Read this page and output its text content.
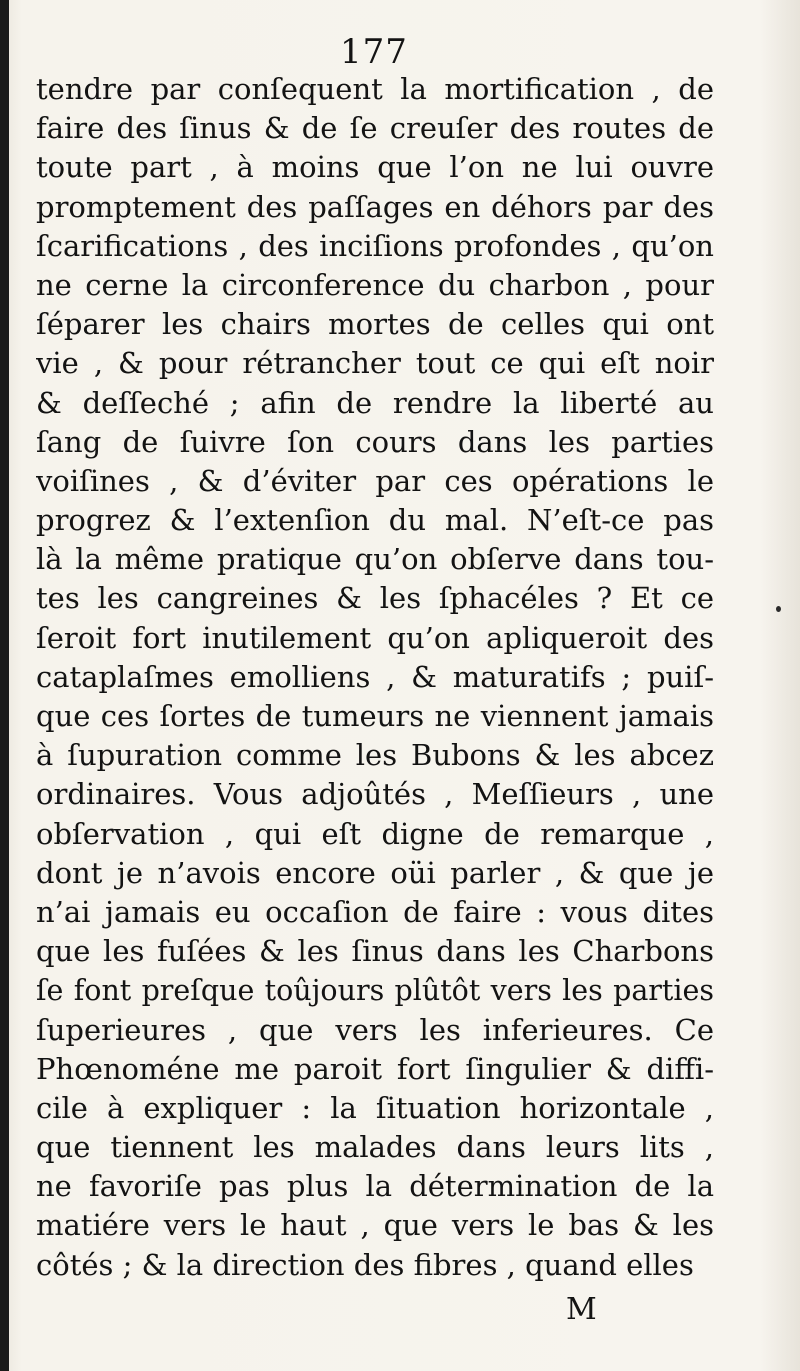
177
tendre par conſequent la mortification , de
faire des ſinus & de ſe creuſer des routes de
toute part , à moins que l’on ne lui ouvre
promptement des paſſages en déhors par des
ſcarifications , des inciſions profondes , qu’on
ne cerne la circonference du charbon , pour
ſéparer les chairs mortes de celles qui ont
vie , & pour rétrancher tout ce qui eſt noir
& deſſeché ; afin de rendre la liberté au
ſang de ſuivre ſon cours dans les parties
voiſines , & d’éviter par ces opérations le
progrez & l’extenſion du mal. N’eſt-ce pas
là la même pratique qu’on obſerve dans tou-
tes les cangreines & les ſphacéles ? Et ce
ſeroit fort inutilement qu’on apliqueroit des
cataplaſmes emolliens , & maturatifs ; puiſ-
que ces ſortes de tumeurs ne viennent jamais
à ſupuration comme les Bubons & les abcez
ordinaires. Vous adjoûtés , Meſſieurs , une
obſervation , qui eſt digne de remarque ,
dont je n’avois encore oüi parler , & que je
n’ai jamais eu occaſion de faire : vous dites
que les fuſées & les ſinus dans les Charbons
ſe font preſque toûjours plûtôt vers les parties
ſuperieures , que vers les inferieures. Ce
Phœnoméne me paroit fort ſingulier & diffi-
cile à expliquer : la ſituation horizontale ,
que tiennent les malades dans leurs lits ,
ne favoriſe pas plus la détermination de la
matiére vers le haut , que vers le bas & les
côtés ; & la direction des fibres , quand elles
M
